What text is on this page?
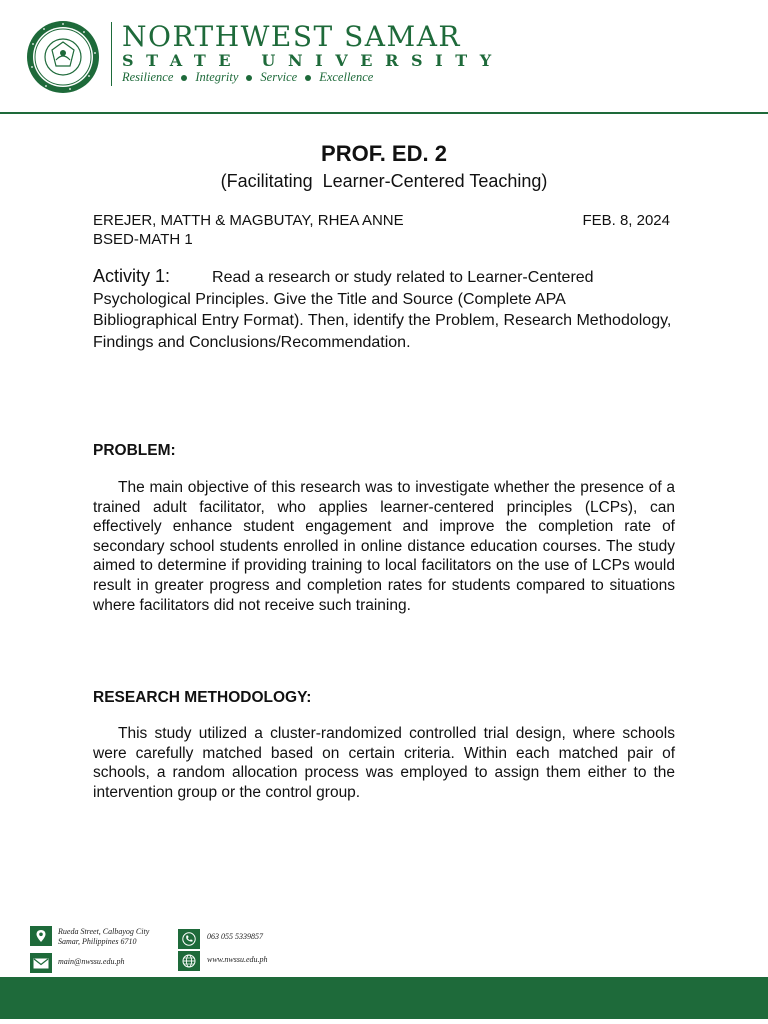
NORTHWEST SAMAR
STATE UNIVERSITY
Resilience Integrity Service Excellence
PROF. ED. 2

(Facilitating  Learner-Centered Teaching)

EREJER, MATTH & MAGBUTAY, RHEA ANNE	FEB. 8, 2024
BSED-MATH 1

Activity 1:	Read a research or study related to Learner-Centered Psychological Principles. Give the Title and Source (Complete APA Bibliographical Entry Format). Then, identify the Problem, Research Methodology, Findings and Conclusions/Recommendation.

PROBLEM:

The main objective of this research was to investigate whether the presence of a trained adult facilitator, who applies learner-centered principles (LCPs), can effectively enhance student engagement and improve the completion rate of secondary school students enrolled in online distance education courses. The study aimed to determine if providing training to local facilitators on the use of LCPs would result in greater progress and completion rates for students compared to situations where facilitators did not receive such training.

RESEARCH METHODOLOGY:

This study utilized a cluster-randomized controlled trial design, where schools were carefully matched based on certain criteria. Within each matched pair of schools, a random allocation process was employed to assign them either to the intervention group or the control group.

Rueda Street, Calbayog City
Samar, Philippines 6710
main@nwssu.edu.ph
063 055 5339857
www.nwssu.edu.ph
